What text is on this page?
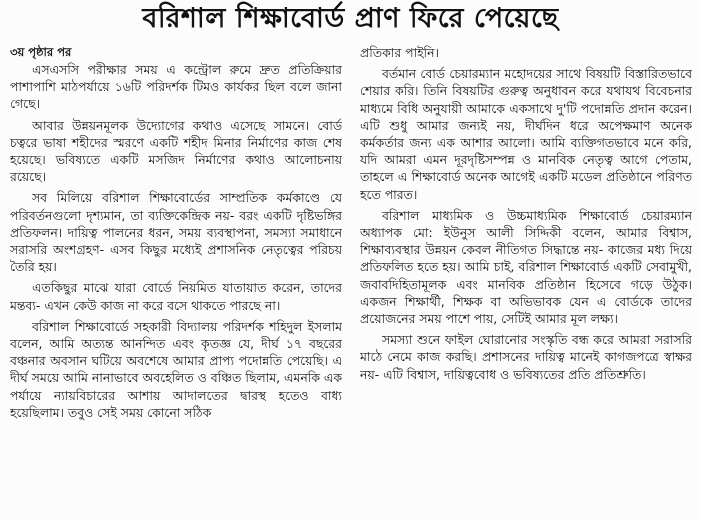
বরিশাল শিক্ষাবোর্ড প্রাণ ফিরে পেয়েছে

৩য় পৃষ্ঠার পর

এসএসসি পরীক্ষার সময় এ কন্ট্রোল রুমে দ্রুত প্রতিক্রিয়ার পাশাপাশি মাঠপর্যায়ে ১৬টি পরিদর্শক টিমও কার্যকর ছিল বলে জানা গেছে।

আবার উন্নয়নমূলক উদ্যোগের কথাও এসেছে সামনে। বোর্ড চত্বরে ভাষা শহীদের স্মরণে একটি শহীদ মিনার নির্মাণের কাজ শেষ হয়েছে। ভবিষ্যতে একটি মসজিদ নির্মাণের কথাও আলোচনায় রয়েছে।

সব মিলিয়ে বরিশাল শিক্ষাবোর্ডের সাম্প্রতিক কর্মকাণ্ডে যে পরিবর্তনগুলো দৃশ্যমান, তা ব্যক্তিকেন্দ্রিক নয়- বরং একটি দৃষ্টিভঙ্গির প্রতিফলন। দায়িত্ব পালনের ধরন, সময় ব্যবস্থাপনা, সমস্যা সমাধানে সরাসরি অংশগ্রহণ- এসব কিছুর মধ্যেই প্রশাসনিক নেতৃত্বের পরিচয় তৈরি হয়।

এতকিছুর মাঝে যারা বোর্ডে নিয়মিত যাতায়াত করেন, তাদের মন্তব্য- এখন কেউ কাজ না করে বসে থাকতে পারছে না।

বরিশাল শিক্ষাবোর্ডে সহকারী বিদ্যালয় পরিদর্শক শহিদুল ইসলাম বলেন, আমি অত্যন্ত আনন্দিত এবং কৃতজ্ঞ যে, দীর্ঘ ১৭ বছরের বঞ্চনার অবসান ঘটিয়ে অবশেষে আমার প্রাপ্য পদোন্নতি পেয়েছি। এ দীর্ঘ সময়ে আমি নানাভাবে অবহেলিত ও বঞ্চিত ছিলাম, এমনকি এক পর্যায়ে ন্যায়বিচারের আশায় আদালতের দ্বারস্থ হতেও বাধ্য হয়েছিলাম। তবুও সেই সময় কোনো সঠিক

প্রতিকার পাইনি।

বর্তমান বোর্ড চেয়ারম্যান মহোদয়ের সাথে বিষয়টি বিস্তারিতভাবে শেয়ার করি। তিনি বিষয়টির গুরুত্ব অনুধাবন করে যথাযথ বিবেচনার মাধ্যমে বিধি অনুযায়ী আমাকে একসাথে দু'টি পদোন্নতি প্রদান করেন। এটি শুধু আমার জন্যই নয়, দীর্ঘদিন ধরে অপেক্ষমাণ অনেক কর্মকর্তার জন্য এক আশার আলো। আমি ব্যক্তিগতভাবে মনে করি, যদি আমরা এমন দূরদৃষ্টিসম্পন্ন ও মানবিক নেতৃত্ব আগে পেতাম, তাহলে এ শিক্ষাবোর্ড অনেক আগেই একটি মডেল প্রতিষ্ঠানে পরিণত হতে পারত।

বরিশাল মাধ্যমিক ও উচ্চমাধ্যমিক শিক্ষাবোর্ড চেয়ারম্যান অধ্যাপক মো: ইউনুস আলী সিদ্দিকী বলেন, আমার বিশ্বাস, শিক্ষাব্যবস্থার উন্নয়ন কেবল নীতিগত সিদ্ধান্তে নয়- কাজের মধ্য দিয়ে প্রতিফলিত হতে হয়। আমি চাই, বরিশাল শিক্ষাবোর্ড একটি সেবামুখী, জবাবদিহিতামূলক এবং মানবিক প্রতিষ্ঠান হিসেবে গড়ে উঠুক। একজন শিক্ষার্থী, শিক্ষক বা অভিভাবক যেন এ বোর্ডকে তাদের প্রয়োজনের সময় পাশে পায়, সেটিই আমার মূল লক্ষ্য।

সমস্যা শুনে ফাইল ঘোরানোর সংস্কৃতি বন্ধ করে আমরা সরাসরি মাঠে নেমে কাজ করছি। প্রশাসনের দায়িত্ব মানেই কাগজপত্রে স্বাক্ষর নয়- এটি বিশ্বাস, দায়িত্ববোধ ও ভবিষ্যতের প্রতি প্রতিশ্রুতি।
